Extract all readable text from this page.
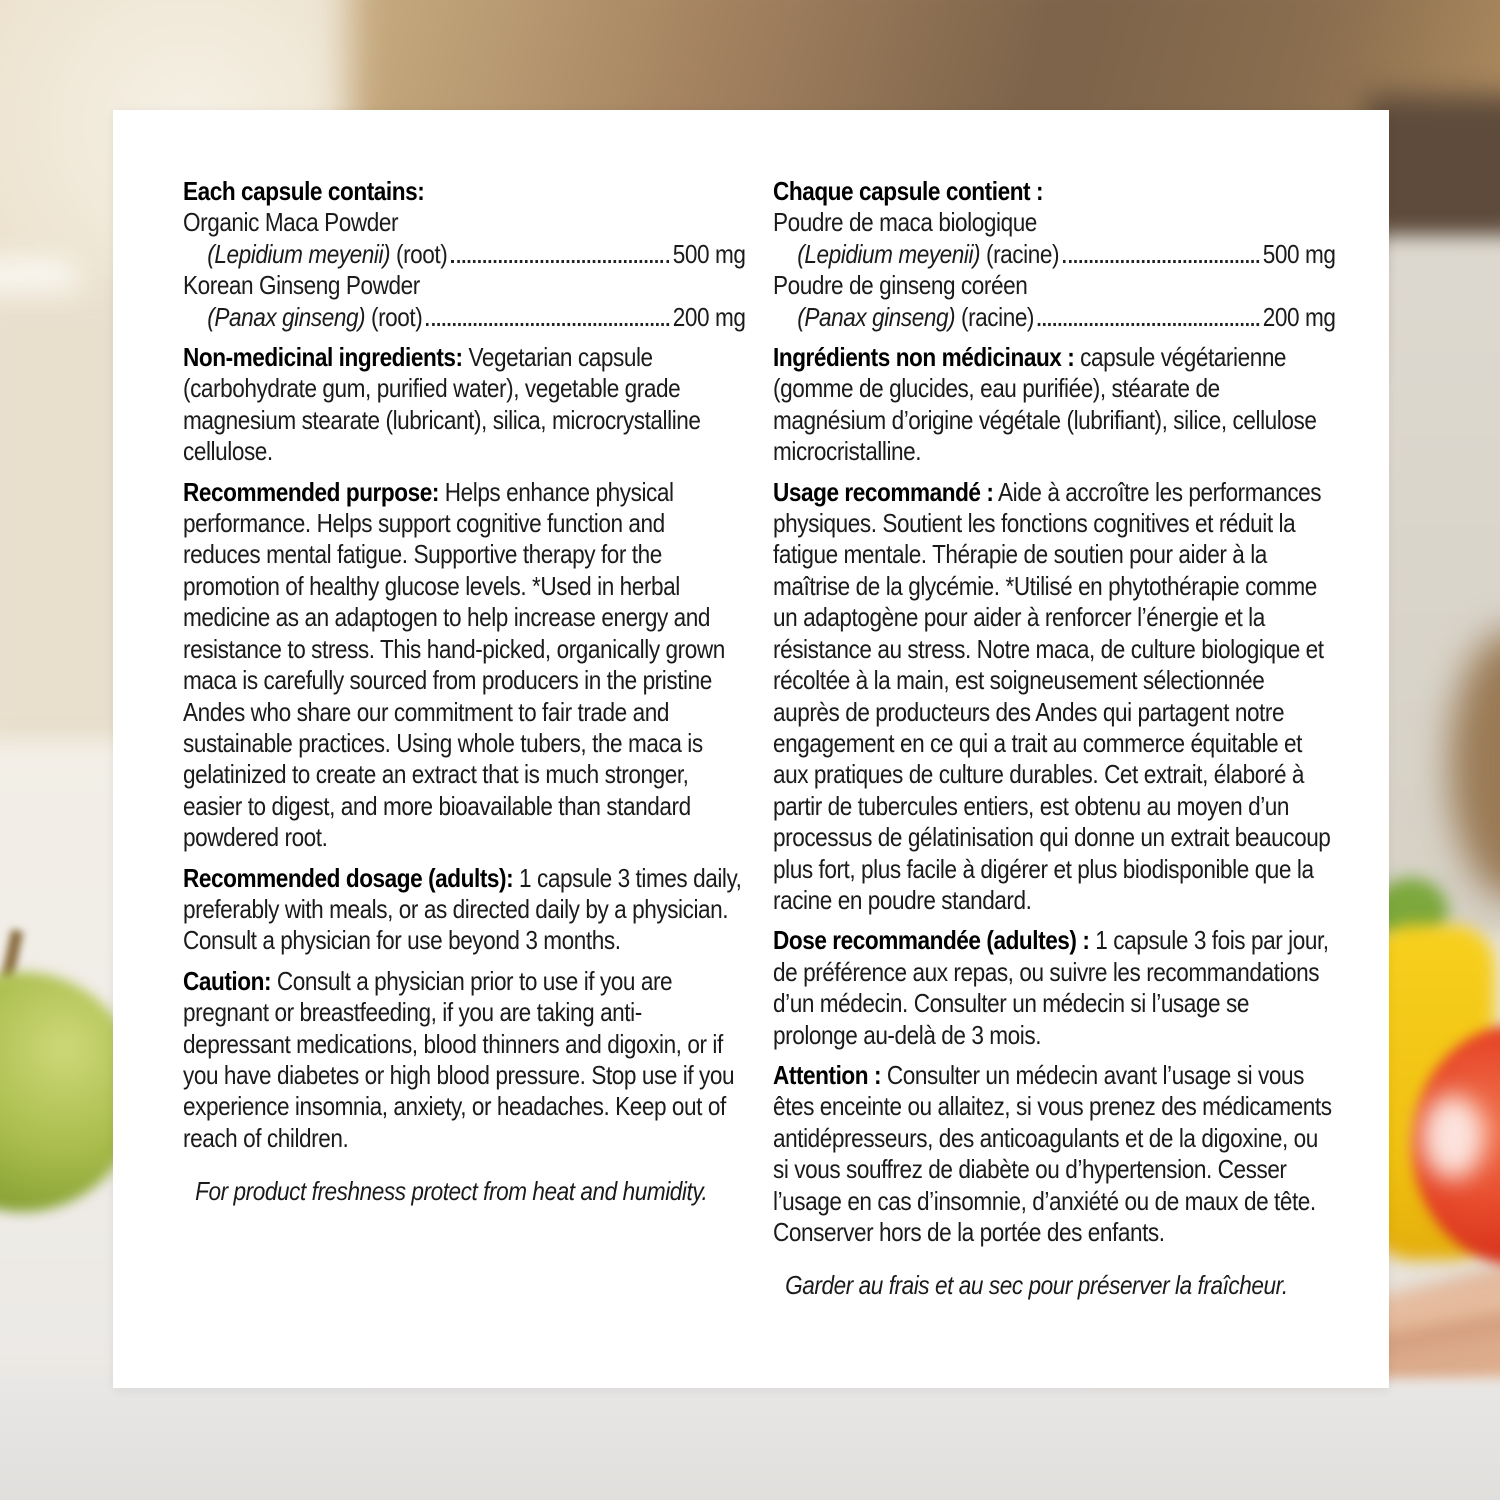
Each capsule contains:
Organic Maca Powder
(Lepidium meyenii) (root)	500 mg
Korean Ginseng Powder
(Panax ginseng) (root)	200 mg

Non-medicinal ingredients: Vegetarian capsule (carbohydrate gum, purified water), vegetable grade magnesium stearate (lubricant), silica, microcrystalline cellulose.

Recommended purpose: Helps enhance physical performance. Helps support cognitive function and reduces mental fatigue. Supportive therapy for the promotion of healthy glucose levels. *Used in herbal medicine as an adaptogen to help increase energy and resistance to stress. This hand-picked, organically grown maca is carefully sourced from producers in the pristine Andes who share our commitment to fair trade and sustainable practices. Using whole tubers, the maca is gelatinized to create an extract that is much stronger, easier to digest, and more bioavailable than standard powdered root.

Recommended dosage (adults): 1 capsule 3 times daily, preferably with meals, or as directed daily by a physician. Consult a physician for use beyond 3 months.

Caution: Consult a physician prior to use if you are pregnant or breastfeeding, if you are taking anti-depressant medications, blood thinners and digoxin, or if you have diabetes or high blood pressure. Stop use if you experience insomnia, anxiety, or headaches. Keep out of reach of children.

For product freshness protect from heat and humidity.

Chaque capsule contient :
Poudre de maca biologique
(Lepidium meyenii) (racine)	500 mg
Poudre de ginseng coréen
(Panax ginseng) (racine)	200 mg

Ingrédients non médicinaux : capsule végétarienne (gomme de glucides, eau purifiée), stéarate de magnésium d’origine végétale (lubrifiant), silice, cellulose microcristalline.

Usage recommandé : Aide à accroître les performances physiques. Soutient les fonctions cognitives et réduit la fatigue mentale. Thérapie de soutien pour aider à la maîtrise de la glycémie. *Utilisé en phytothérapie comme un adaptogène pour aider à renforcer l’énergie et la résistance au stress. Notre maca, de culture biologique et récoltée à la main, est soigneusement sélectionnée auprès de producteurs des Andes qui partagent notre engagement en ce qui a trait au commerce équitable et aux pratiques de culture durables. Cet extrait, élaboré à partir de tubercules entiers, est obtenu au moyen d’un processus de gélatinisation qui donne un extrait beaucoup plus fort, plus facile à digérer et plus biodisponible que la racine en poudre standard.

Dose recommandée (adultes) : 1 capsule 3 fois par jour, de préférence aux repas, ou suivre les recommandations d’un médecin. Consulter un médecin si l’usage se prolonge au-delà de 3 mois.

Attention : Consulter un médecin avant l’usage si vous êtes enceinte ou allaitez, si vous prenez des médicaments antidépresseurs, des anticoagulants et de la digoxine, ou si vous souffrez de diabète ou d’hypertension. Cesser l’usage en cas d’insomnie, d’anxiété ou de maux de tête. Conserver hors de la portée des enfants.

Garder au frais et au sec pour préserver la fraîcheur.
